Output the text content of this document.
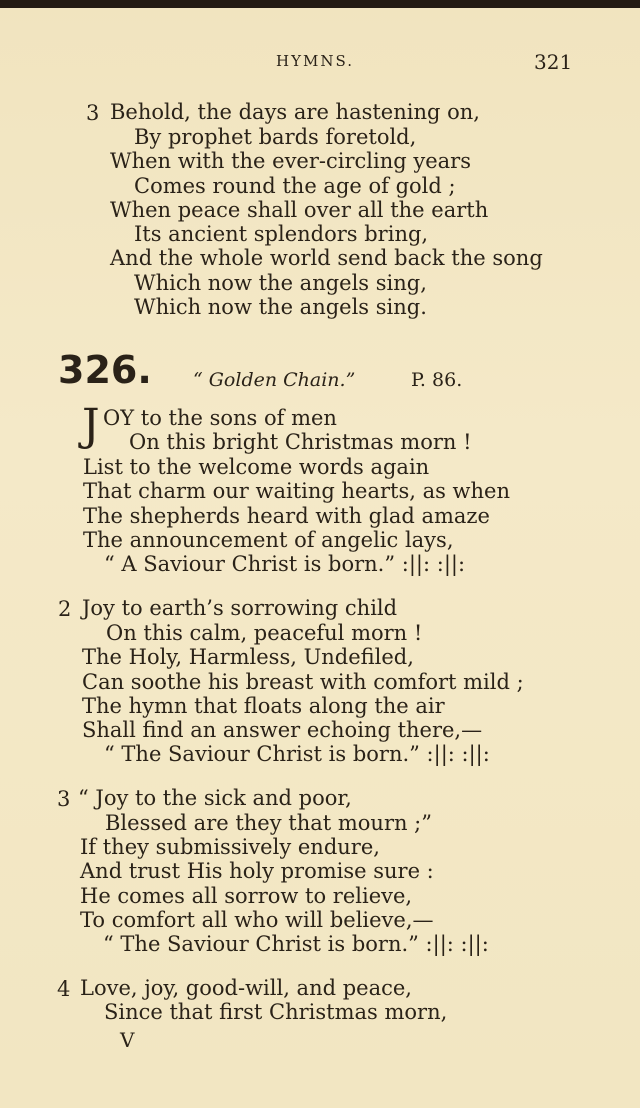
HYMNS.	321
3 Behold, the days are hastening on,
By prophet bards foretold,
When with the ever-circling years
Comes round the age of gold ;
When peace shall over all the earth
Its ancient splendors bring,
And the whole world send back the song
Which now the angels sing,
Which now the angels sing.
326. “ Golden Chain.”	P. 86.
J OY to the sons of men
On this bright Christmas morn !
List to the welcome words again
That charm our waiting hearts, as when
The shepherds heard with glad amaze
The announcement of angelic lays,
“ A Saviour Christ is born.” :||: :||:
2 Joy to earth’s sorrowing child
On this calm, peaceful morn !
The Holy, Harmless, Undefiled,
Can soothe his breast with comfort mild ;
The hymn that floats along the air
Shall find an answer echoing there,—
“ The Saviour Christ is born.” :||: :||:
3 “ Joy to the sick and poor,
Blessed are they that mourn ;”
If they submissively endure,
And trust His holy promise sure :
He comes all sorrow to relieve,
To comfort all who will believe,—
“ The Saviour Christ is born.” :||: :||:
4 Love, joy, good-will, and peace,
Since that first Christmas morn,
V
